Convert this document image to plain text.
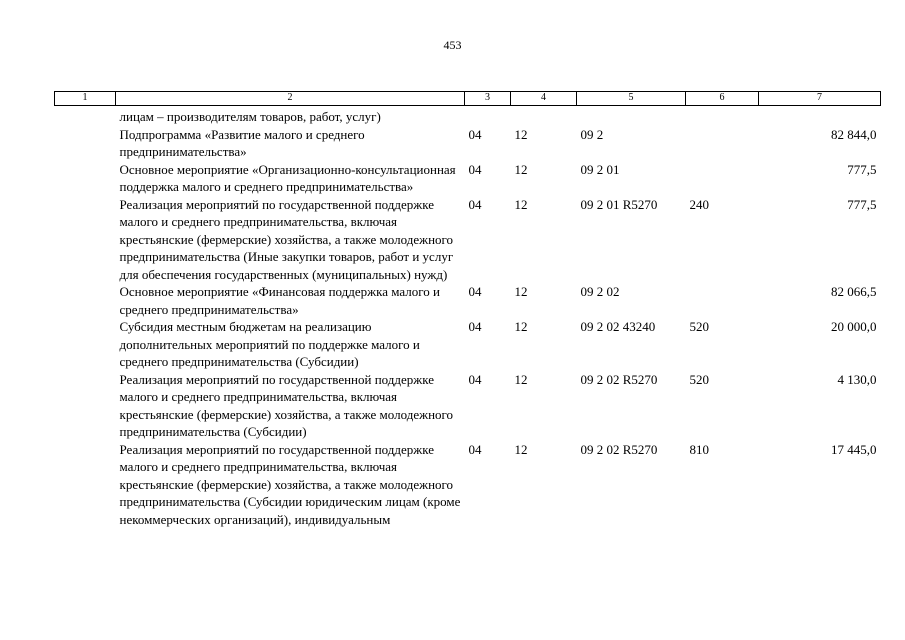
453
1	2	3	4	5	6	7
	лицам – производителям товаров, работ, услуг)					
	Подпрограмма «Развитие малого и среднего предпринимательства»	04	12	09 2		82 844,0
	Основное мероприятие «Организационно-консультационная поддержка малого и среднего предпринимательства»	04	12	09 2 01		777,5
	Реализация мероприятий по государственной поддержке малого и среднего предпринимательства, включая крестьянские (фермерские) хозяйства, а также молодежного предпринимательства (Иные закупки товаров, работ и услуг для обеспечения государственных (муниципальных) нужд)	04	12	09 2 01 R5270	240	777,5
	Основное мероприятие «Финансовая поддержка малого и среднего предпринимательства»	04	12	09 2 02		82 066,5
	Субсидия местным бюджетам на реализацию дополнительных мероприятий по поддержке малого и среднего предпринимательства (Субсидии)	04	12	09 2 02 43240	520	20 000,0
	Реализация мероприятий по государственной поддержке малого и среднего предпринимательства, включая крестьянские (фермерские) хозяйства, а также молодежного предпринимательства (Субсидии)	04	12	09 2 02 R5270	520	4 130,0
	Реализация мероприятий по государственной поддержке малого и среднего предпринимательства, включая крестьянские (фермерские) хозяйства, а также молодежного предпринимательства (Субсидии юридическим лицам (кроме некоммерческих организаций), индивидуальным	04	12	09 2 02 R5270	810	17 445,0
